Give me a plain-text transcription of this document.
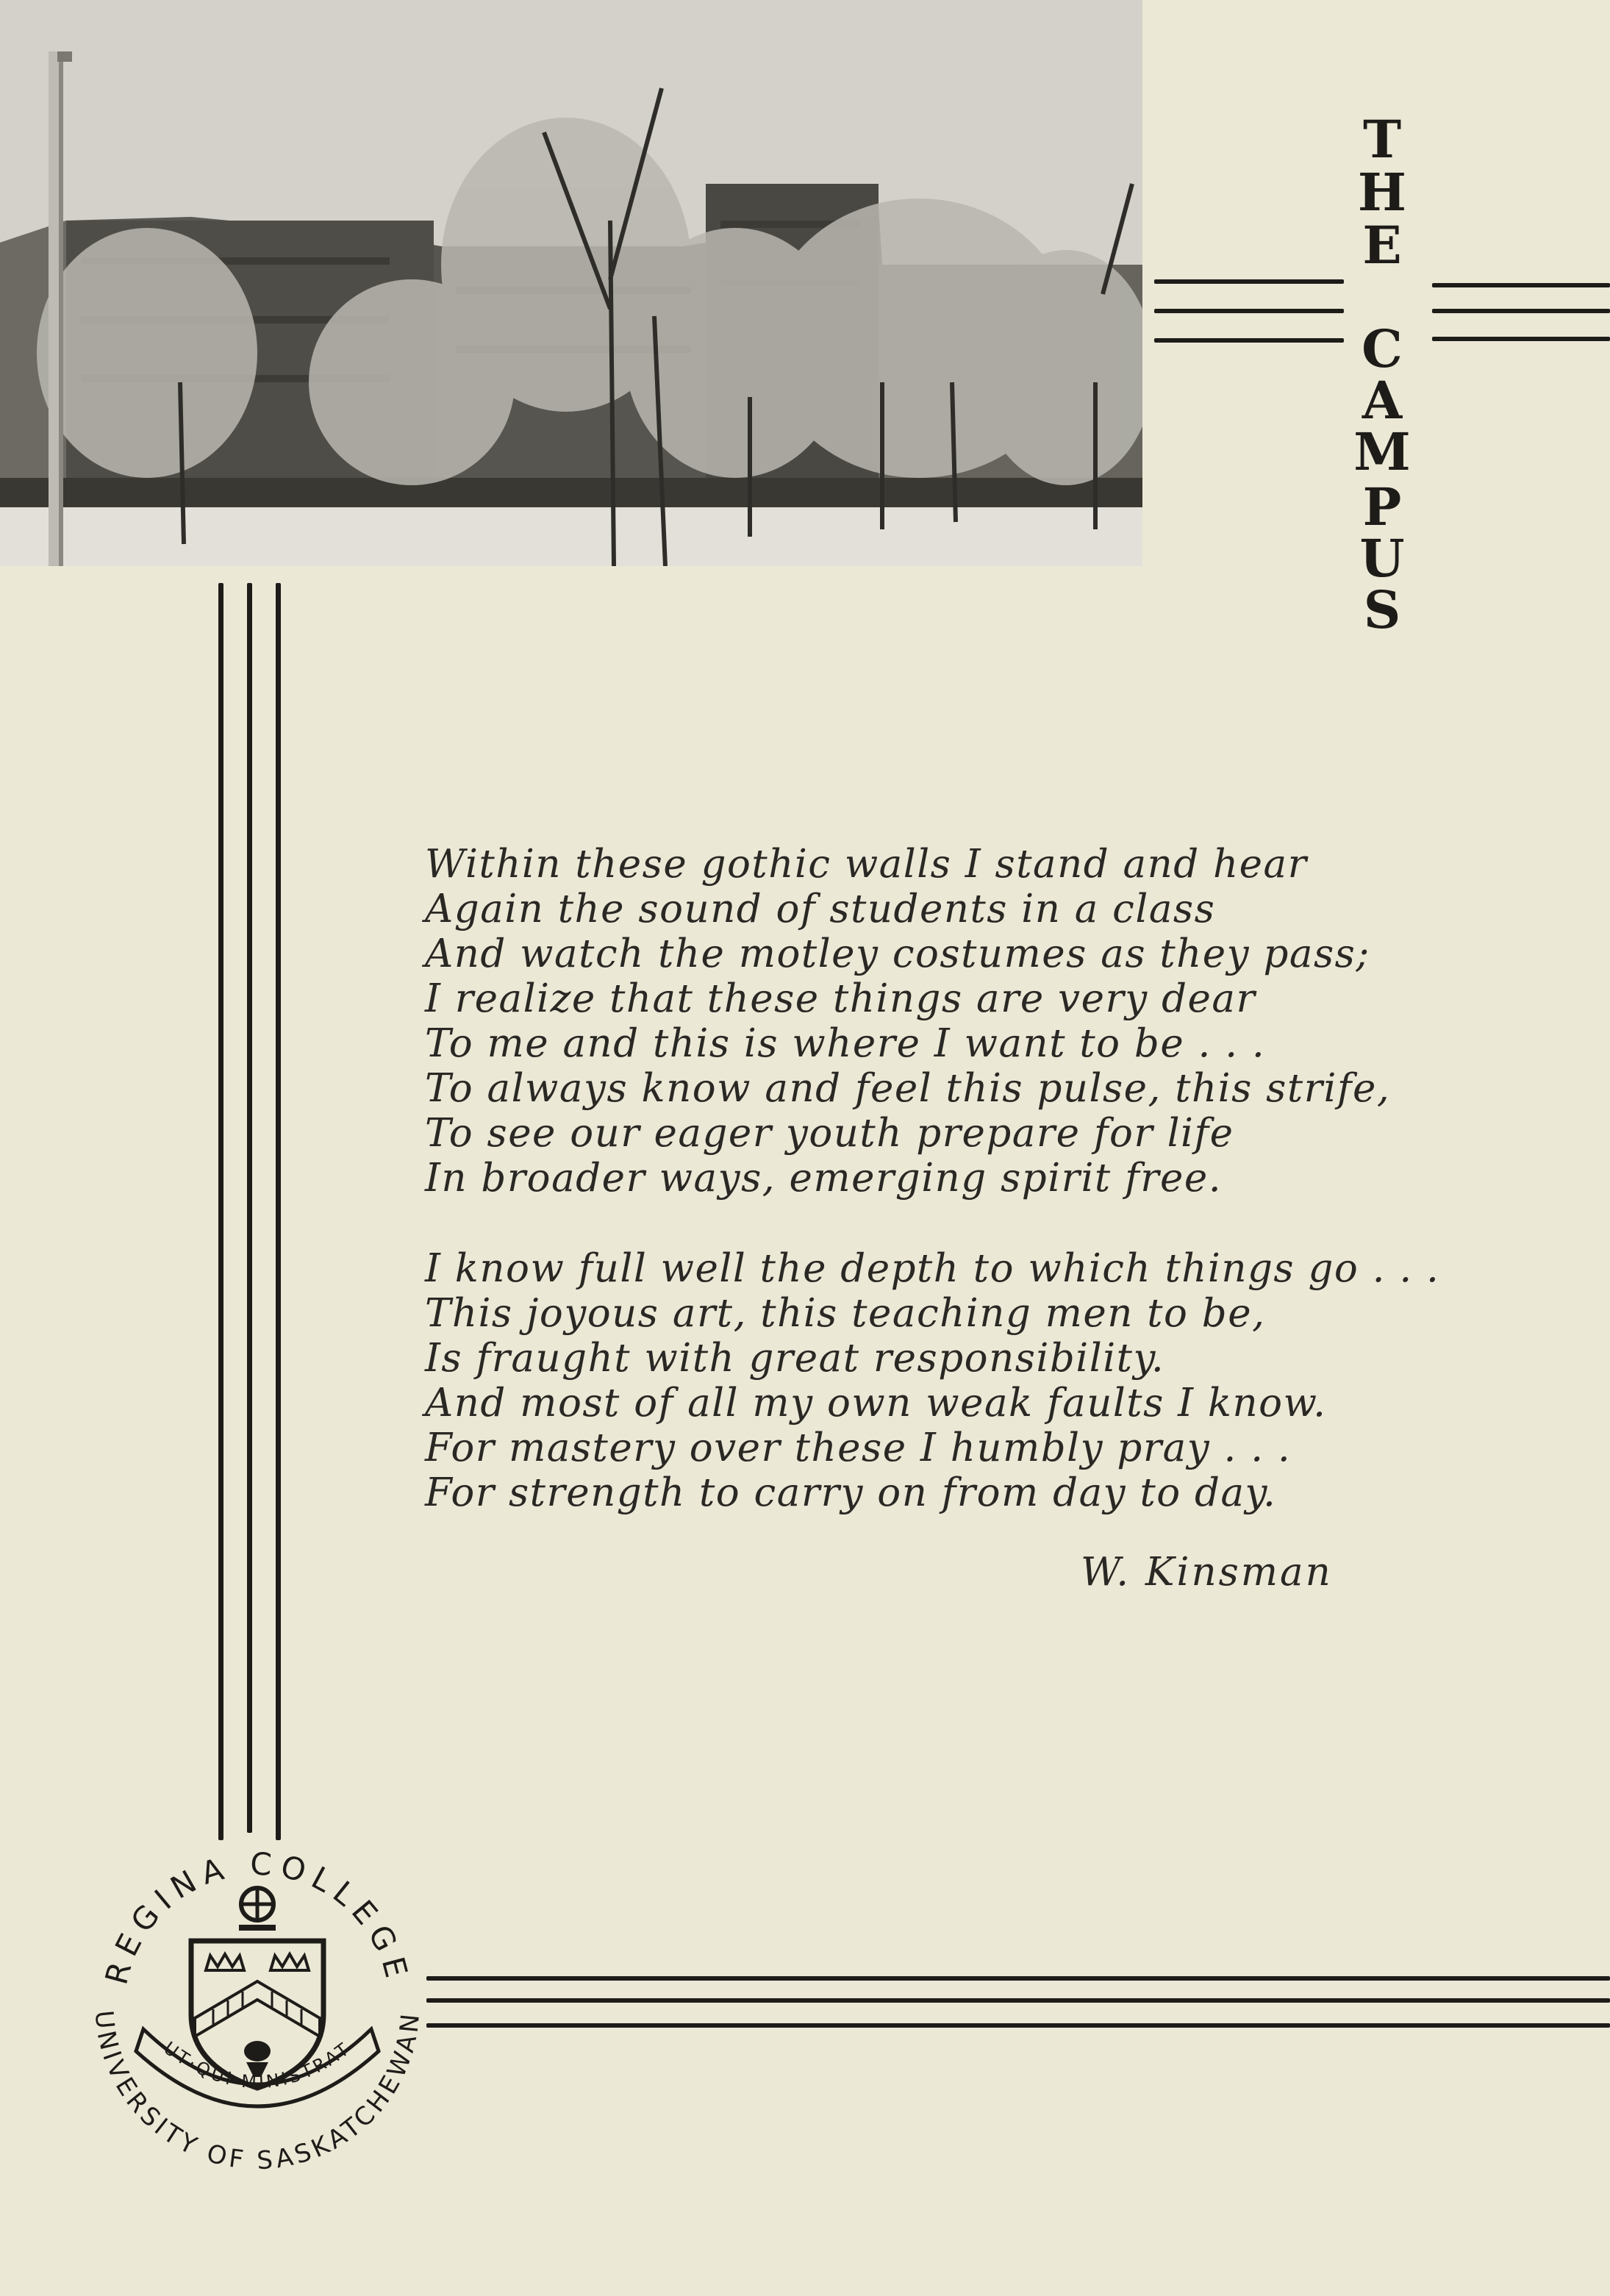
T
H
E
C
A
M
P
U
S
Within these gothic walls I stand and hear
Again the sound of students in a class
And watch the motley costumes as they pass;
I realize that these things are very dear
To me and this is where I want to be . . .
To always know and feel this pulse, this strife,
To see our eager youth prepare for life
In broader ways, emerging spirit free.
I know full well the depth to which things go . . .
This joyous art, this teaching men to be,
Is fraught with great responsibility.
And most of all my own weak faults I know.
For mastery over these I humbly pray . . .
For strength to carry on from day to day.
W. Kinsman
REGINA COLLEGE
UNIVERSITY OF SASKATCHEWAN
UT·QUI·MINISTRAT
